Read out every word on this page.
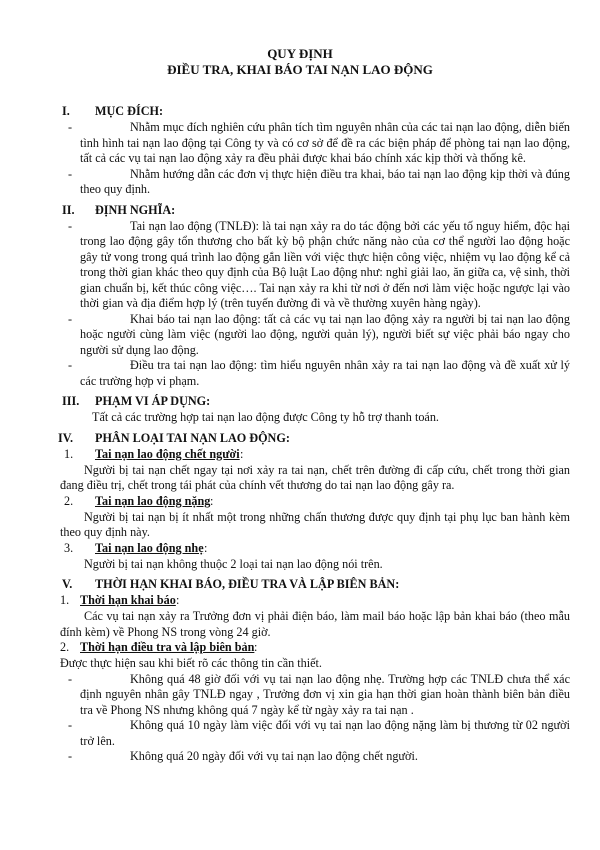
QUY ĐỊNH
ĐIỀU TRA, KHAI BÁO TAI NẠN LAO ĐỘNG
I. MỤC ĐÍCH:
-	Nhằm mục đích nghiên cứu phân tích tìm nguyên nhân của các tai nạn lao động, diễn biến tình hình tai nạn lao động tại Công ty và có cơ sở để đề ra các biện pháp để phòng tai nạn lao động, tất cả các vụ tai nạn lao động xảy ra đều phải được khai báo chính xác kịp thời và thống kê.
-	Nhằm hướng dẫn các đơn vị thực hiện điều tra khai, báo tai nạn lao động kịp thời và đúng theo quy định.
II. ĐỊNH NGHĨA:
-	Tai nạn lao động (TNLĐ): là tai nạn xảy ra do tác động bởi các yếu tố nguy hiểm, độc hại trong lao động gây tổn thương cho bất kỳ bộ phận chức năng nào của cơ thể người lao động hoặc gây tử vong trong quá trình lao động gắn liền với việc thực hiện công việc, nhiệm vụ lao động kể cả trong thời gian khác theo quy định của Bộ luật Lao động như: nghỉ giải lao, ăn giữa ca, vệ sinh, thời gian chuẩn bị, kết thúc công việc…. Tai nạn xảy ra khi từ nơi ở đến nơi làm việc hoặc ngược lại vào thời gian và địa điểm hợp lý (trên tuyến đường đi và về thường xuyên hàng ngày).
-	Khai báo tai nạn lao động: tất cả các vụ tai nạn lao động xảy ra người bị tai nạn lao động hoặc người cùng làm việc (người lao động, người quản lý), người biết sự việc phải báo ngay cho người sử dụng lao động.
-	Điều tra tai nạn lao động: tìm hiểu nguyên nhân xảy ra tai nạn lao động và đề xuất xử lý các trường hợp vi phạm.
III. PHẠM VI ÁP DỤNG:
Tất cả các trường hợp tai nạn lao động được Công ty hỗ trợ thanh toán.
IV. PHÂN LOẠI TAI NẠN LAO ĐỘNG:
1. Tai nạn lao động chết người :
Người bị tai nạn chết ngay tại nơi xảy ra tai nạn, chết trên đường đi cấp cứu, chết trong thời gian đang điều trị, chết trong tái phát của chính vết thương do tai nạn lao động gây ra.
2. Tai nạn lao động nặng :
Người bị tai nạn bị ít nhất một trong những chấn thương được quy định tại phụ lục ban hành kèm theo quy định này.
3. Tai nạn lao động nhẹ :
Người bị tai nạn không thuộc 2 loại tai nạn lao động nói trên.
V. THỜI HẠN KHAI BÁO, ĐIỀU TRA VÀ LẬP BIÊN BẢN:
1. Thời hạn khai báo :
Các vụ tai nạn xảy ra Trưởng đơn vị phải điện báo, làm mail báo hoặc lập bản khai báo (theo mẫu đính kèm) về Phong NS trong vòng 24 giờ.
2. Thời hạn điều tra và lập biên bản :
Được thực hiện sau khi biết rõ các thông tin cần thiết.
-	Không quá 48 giờ đối với vụ tai nạn lao động nhẹ. Trường hợp các TNLĐ chưa thể xác định nguyên nhân gây TNLĐ ngay , Trưởng đơn vị xin gia hạn thời gian hoàn thành biên bản điều tra về Phong NS nhưng không quá 7 ngày kể từ ngày xảy ra tai nạn .
-	Không quá 10 ngày làm việc đối với vụ tai nạn lao động nặng làm bị thương từ 02 người trở lên.
-	Không quá 20 ngày đối với vụ tai nạn lao động chết người.
